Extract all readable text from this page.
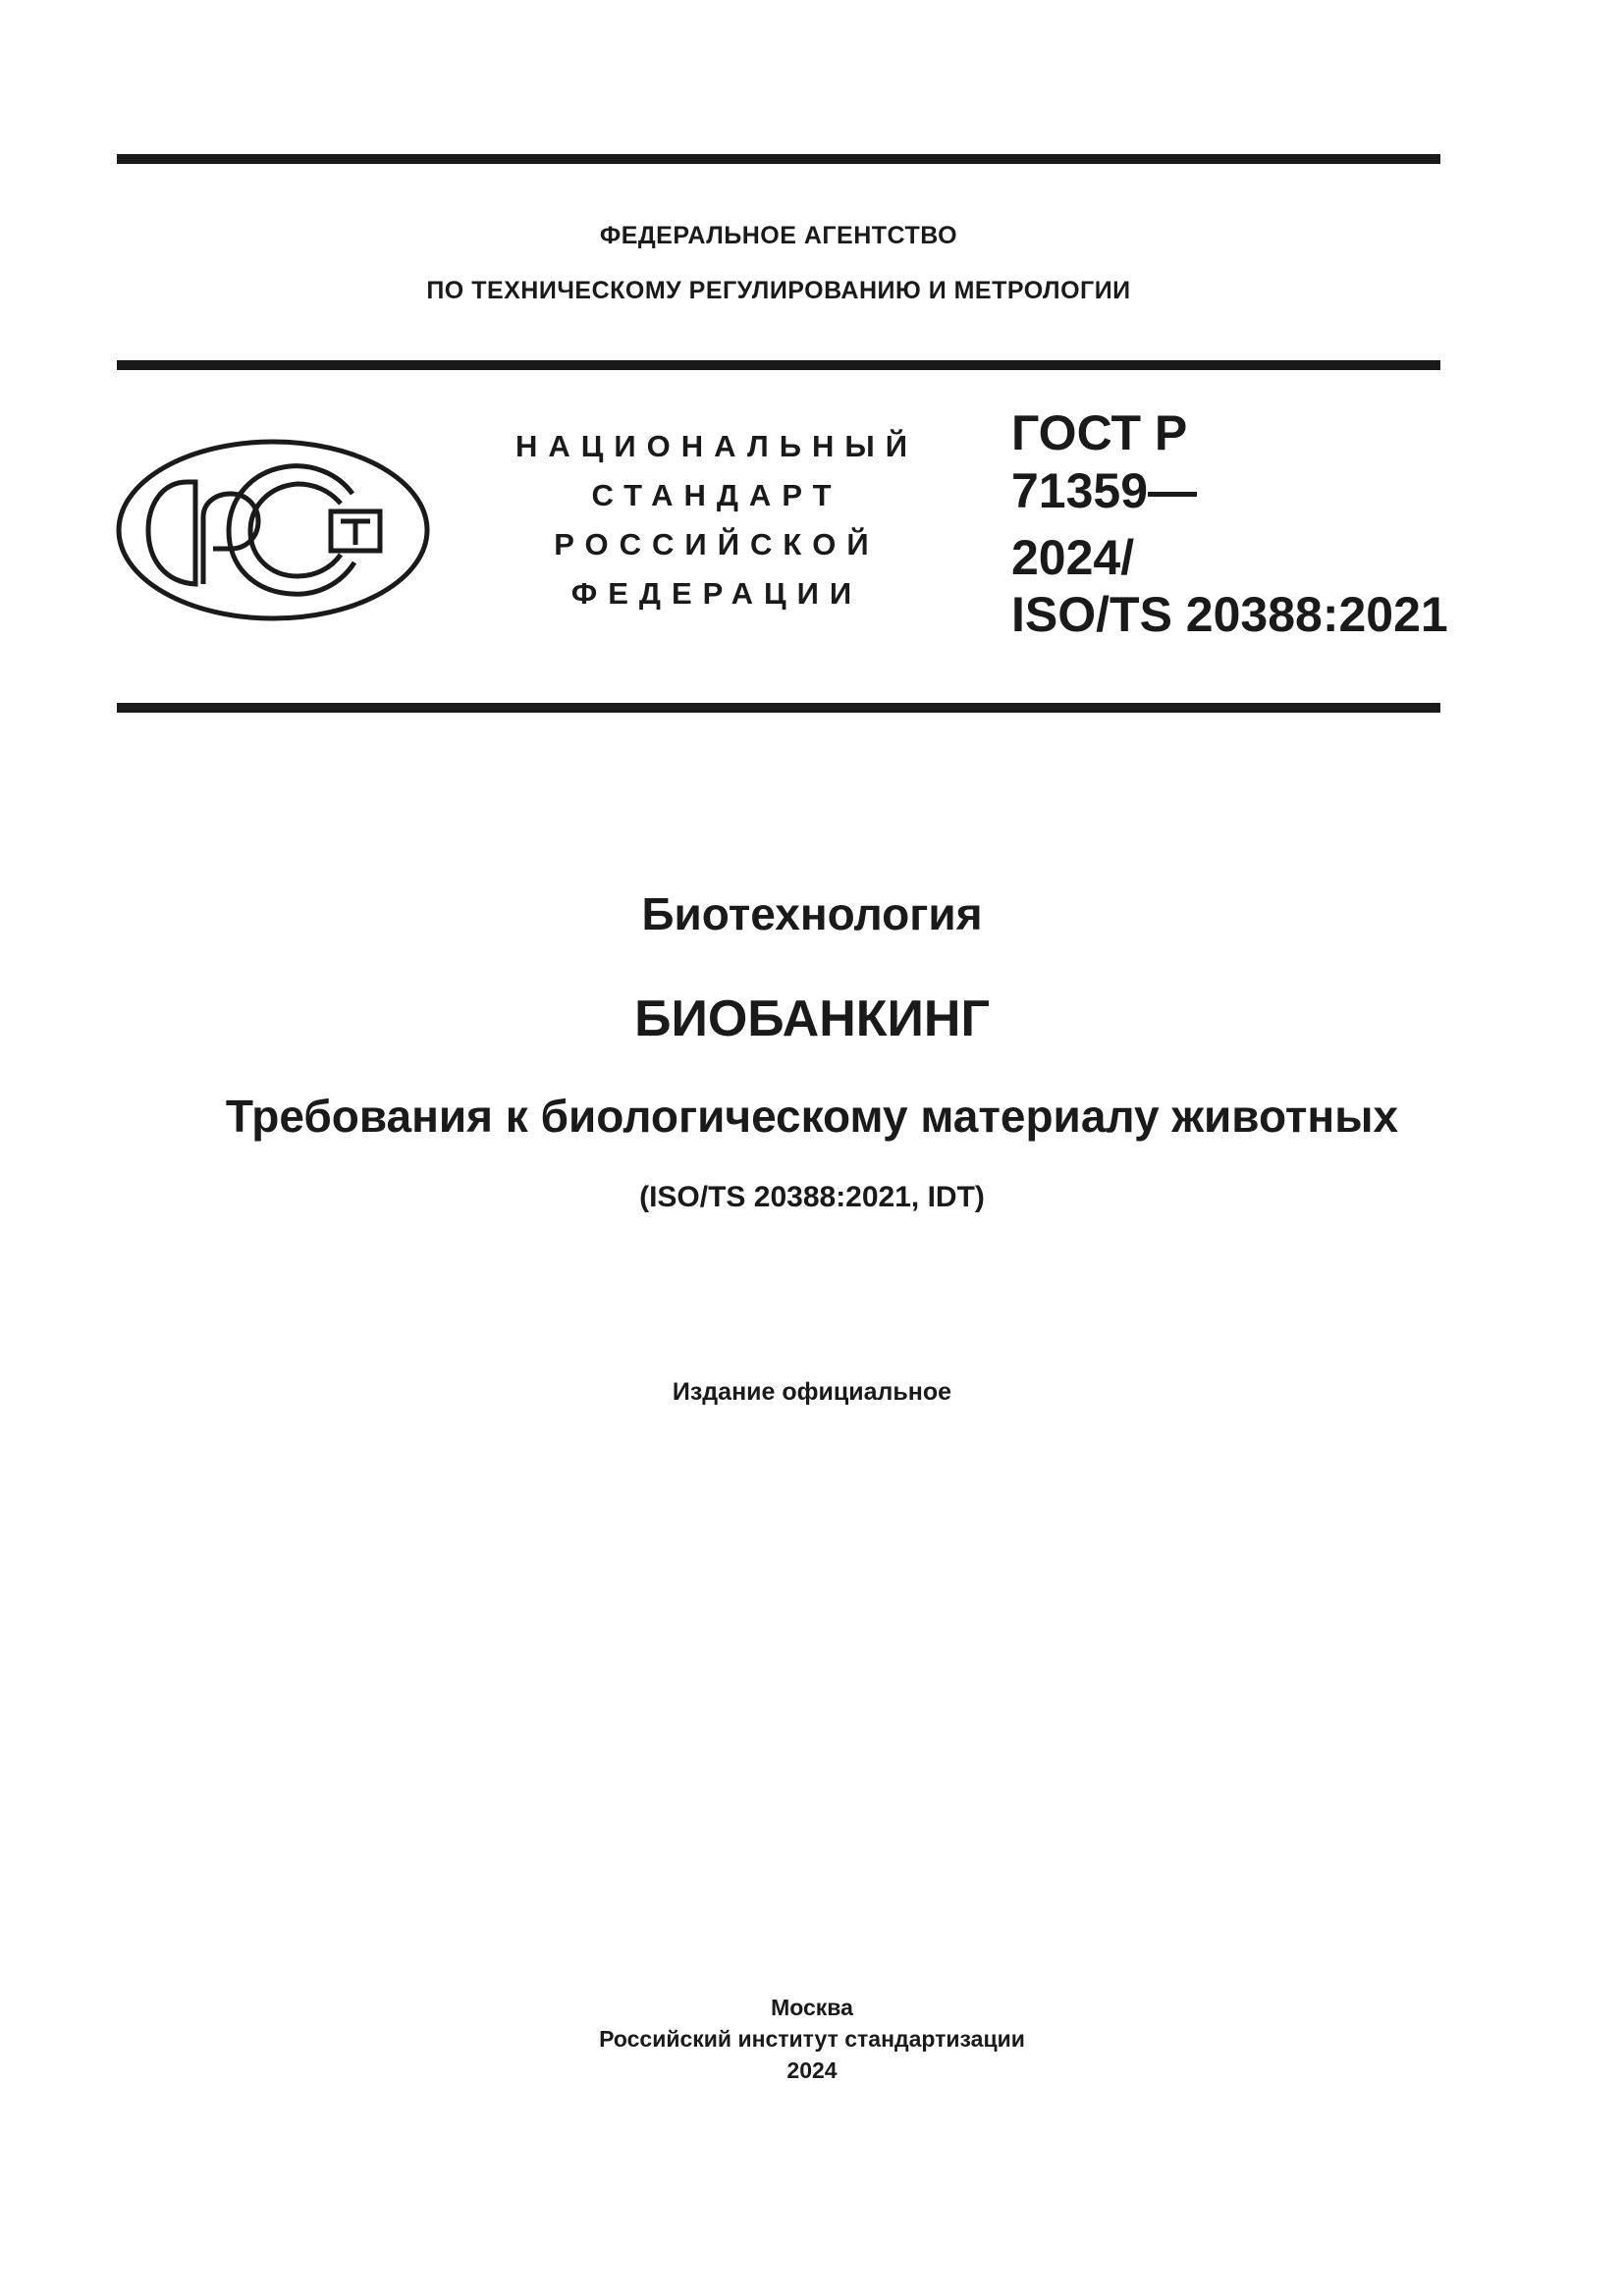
ФЕДЕРАЛЬНОЕ АГЕНТСТВО
ПО ТЕХНИЧЕСКОМУ РЕГУЛИРОВАНИЮ И МЕТРОЛОГИИ
НАЦИОНАЛЬНЫЙ
СТАНДАРТ
РОССИЙСКОЙ
ФЕДЕРАЦИИ
ГОСТ Р
71359—
2024/
ISO/TS 20388:2021
Биотехнология
БИОБАНКИНГ
Требования к биологическому материалу животных
(ISO/TS 20388:2021, IDT)
Издание официальное
Москва
Российский институт стандартизации
2024
